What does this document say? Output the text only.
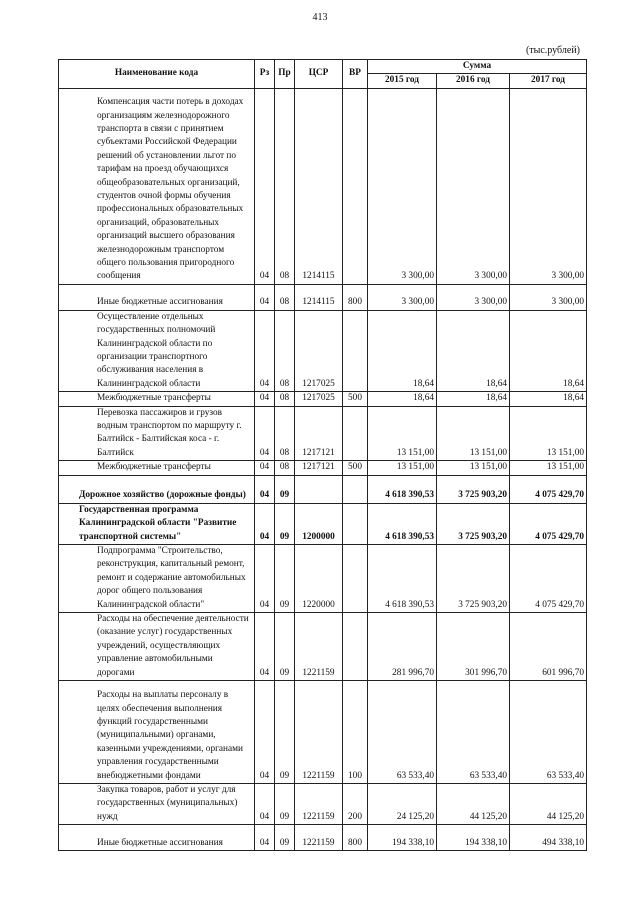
413
(тыс.рублей)
Наименование кода	Рз	Пр	ЦСР	ВР	Сумма		
					2015 год	2016 год	2017 год
Компенсация части потерь в доходах организациям железнодорожного транспорта в связи с принятием субъектами Российской Федерации решений об установлении льгот по тарифам на проезд обучающихся общеобразовательных организаций, студентов очной формы обучения профессиональных образовательных организаций, образовательных организаций высшего образования железнодорожным транспортом общего пользования пригородного сообщения	04	08	1214115		3 300,00	3 300,00	3 300,00
Иные бюджетные ассигнования	04	08	1214115	800	3 300,00	3 300,00	3 300,00
Осуществление отдельных государственных полномочий Калининградской области по организации транспортного обслуживания населения в Калининградской области	04	08	1217025		18,64	18,64	18,64
Межбюджетные трансферты	04	08	1217025	500	18,64	18,64	18,64
Перевозка пассажиров и грузов водным транспортом по маршруту г. Балтийск - Балтийская коса - г. Балтийск	04	08	1217121		13 151,00	13 151,00	13 151,00
Межбюджетные трансферты	04	08	1217121	500	13 151,00	13 151,00	13 151,00
Дорожное хозяйство (дорожные фонды)	04	09			4 618 390,53	3 725 903,20	4 075 429,70
Государственная программа Калининградской области "Развитие транспортной системы"	04	09	1200000		4 618 390,53	3 725 903,20	4 075 429,70
Подпрограмма "Строительство, реконструкция, капитальный ремонт, ремонт и содержание автомобильных дорог общего пользования Калининградской области"	04	09	1220000		4 618 390,53	3 725 903,20	4 075 429,70
Расходы на обеспечение деятельности (оказание услуг) государственных учреждений, осуществляющих управление автомобильными дорогами	04	09	1221159		281 996,70	301 996,70	601 996,70
Расходы на выплаты персоналу в целях обеспечения выполнения функций государственными (муниципальными) органами, казенными учреждениями, органами управления государственными внебюджетными фондами	04	09	1221159	100	63 533,40	63 533,40	63 533,40
Закупка товаров, работ и услуг для государственных (муниципальных) нужд	04	09	1221159	200	24 125,20	44 125,20	44 125,20
Иные бюджетные ассигнования	04	09	1221159	800	194 338,10	194 338,10	494 338,10
